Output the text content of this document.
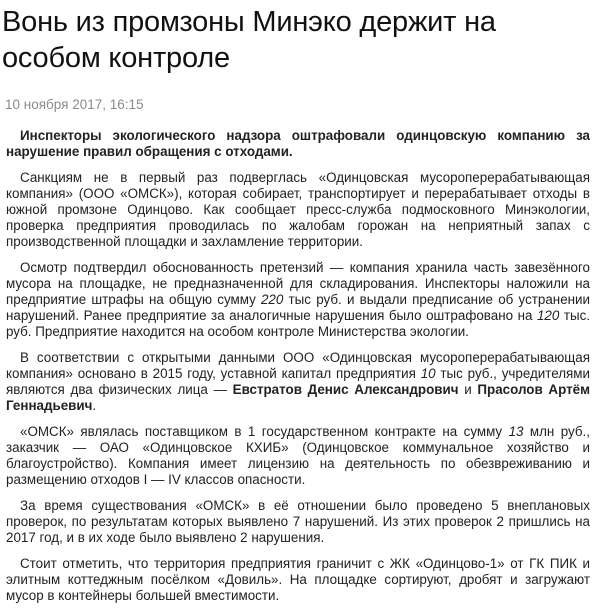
Вонь из промзоны Минэко держит на особом контроле
10 ноября 2017, 16:15

Инспекторы экологического надзора оштрафовали одинцовскую компанию за нарушение правил обращения с отходами.

Санкциям не в первый раз подверглась «Одинцовская мусороперерабатывающая компания» (ООО «ОМСК»), которая собирает, транспортирует и перерабатывает отходы в южной промзоне Одинцово. Как сообщает пресс-служба подмосковного Минэкологии, проверка предприятия проводилась по жалобам горожан на неприятный запах с производственной площадки и захламление территории.

Осмотр подтвердил обоснованность претензий — компания хранила часть завезённого мусора на площадке, не предназначенной для складирования. Инспекторы наложили на предприятие штрафы на общую сумму 220 тыс руб. и выдали предписание об устранении нарушений. Ранее предприятие за аналогичные нарушения было оштрафовано на 120 тыс. руб. Предприятие находится на особом контроле Министерства экологии.

В соответствии с открытыми данными ООО «Одинцовская мусороперерабатывающая компания» основано в 2015 году, уставной капитал предприятия 10 тыс руб., учредителями являются два физических лица — Евстратов Денис Александрович и Прасолов Артём Геннадьевич.

«ОМСК» являлась поставщиком в 1 государственном контракте на сумму 13 млн руб., заказчик — ОАО «Одинцовское КХИБ» (Одинцовское коммунальное хозяйство и благоустройство). Компания имеет лицензию на деятельность по обезвреживанию и размещению отходов I — IV классов опасности.

За время существования «ОМСК» в её отношении было проведено 5 внеплановых проверок, по результатам которых выявлено 7 нарушений. Из этих проверок 2 пришлись на 2017 год, и в их ходе было выявлено 2 нарушения.

Стоит отметить, что территория предприятия граничит с ЖК «Одинцово-1» от ГК ПИК и элитным коттеджным посёлком «Довиль». На площадке сортируют, дробят и загружают мусор в контейнеры большей вместимости.
